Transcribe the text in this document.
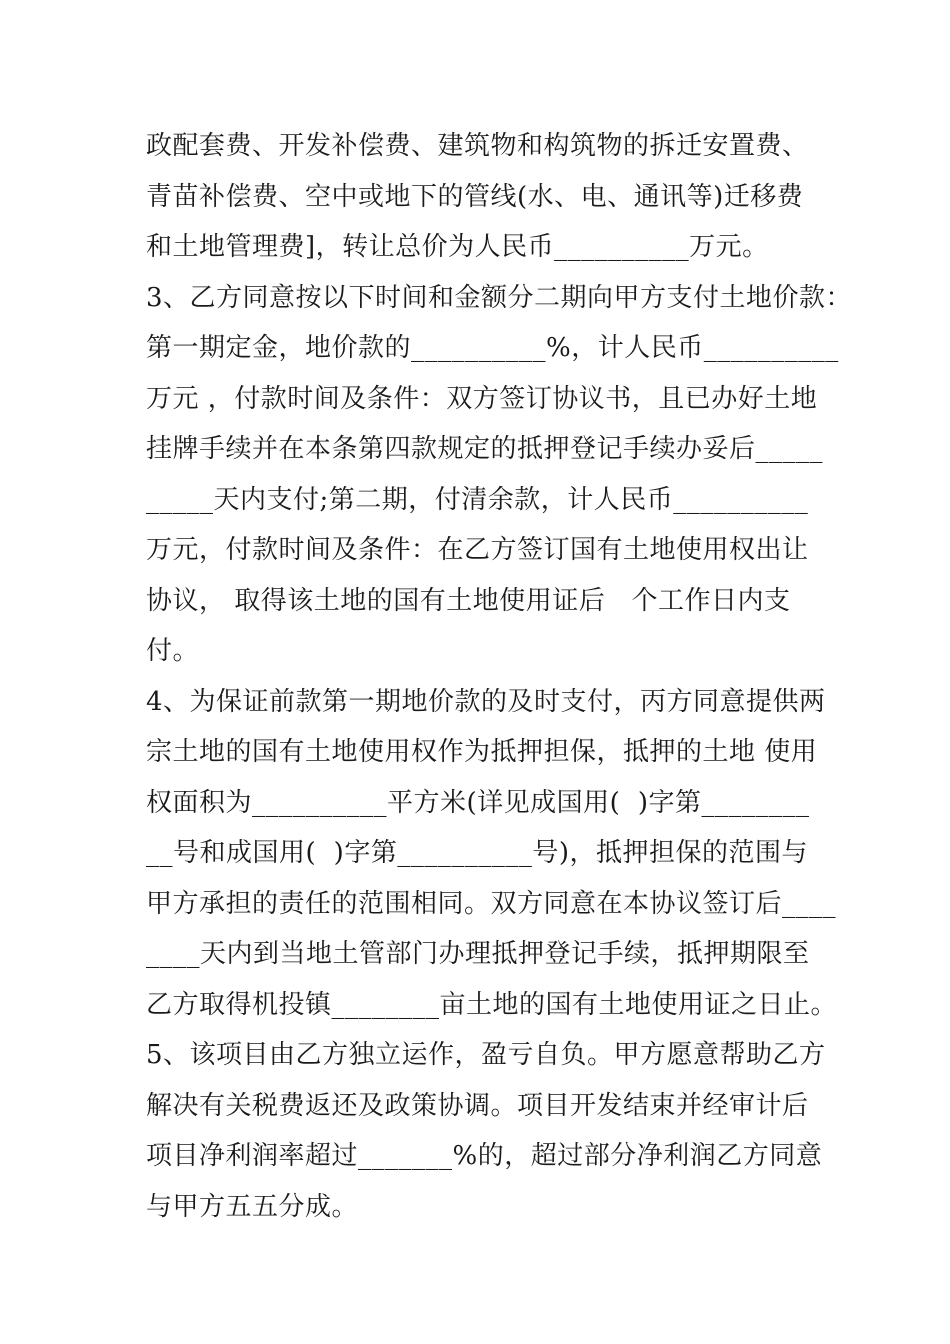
政配套费、开发补偿费、建筑物和构筑物的拆迁安置费、
青苗补偿费、空中或地下的管线(水、电、通讯等)迁移费
和土地管理费]，转让总价为人民币__________万元。
3、乙方同意按以下时间和金额分二期向甲方支付土地价款：
第一期定金，地价款的__________%，计人民币__________
万元 ，付款时间及条件：双方签订协议书，且已办好土地
挂牌手续并在本条第四款规定的抵押登记手续办妥后_____
_____天内支付;第二期，付清余款，计人民币__________
万元，付款时间及条件：在乙方签订国有土地使用权出让
协议， 取得该土地的国有土地使用证后   个工作日内支
付。
4、为保证前款第一期地价款的及时支付，丙方同意提供两
宗土地的国有土地使用权作为抵押担保，抵押的土地 使用
权面积为__________平方米(详见成国用(  )字第________
__号和成国用(  )字第__________号)，抵押担保的范围与
甲方承担的责任的范围相同。双方同意在本协议签订后____
____天内到当地土管部门办理抵押登记手续，抵押期限至
乙方取得机投镇________亩土地的国有土地使用证之日止。
5、该项目由乙方独立运作，盈亏自负。甲方愿意帮助乙方
解决有关税费返还及政策协调。项目开发结束并经审计后
项目净利润率超过_______%的，超过部分净利润乙方同意
与甲方五五分成。
